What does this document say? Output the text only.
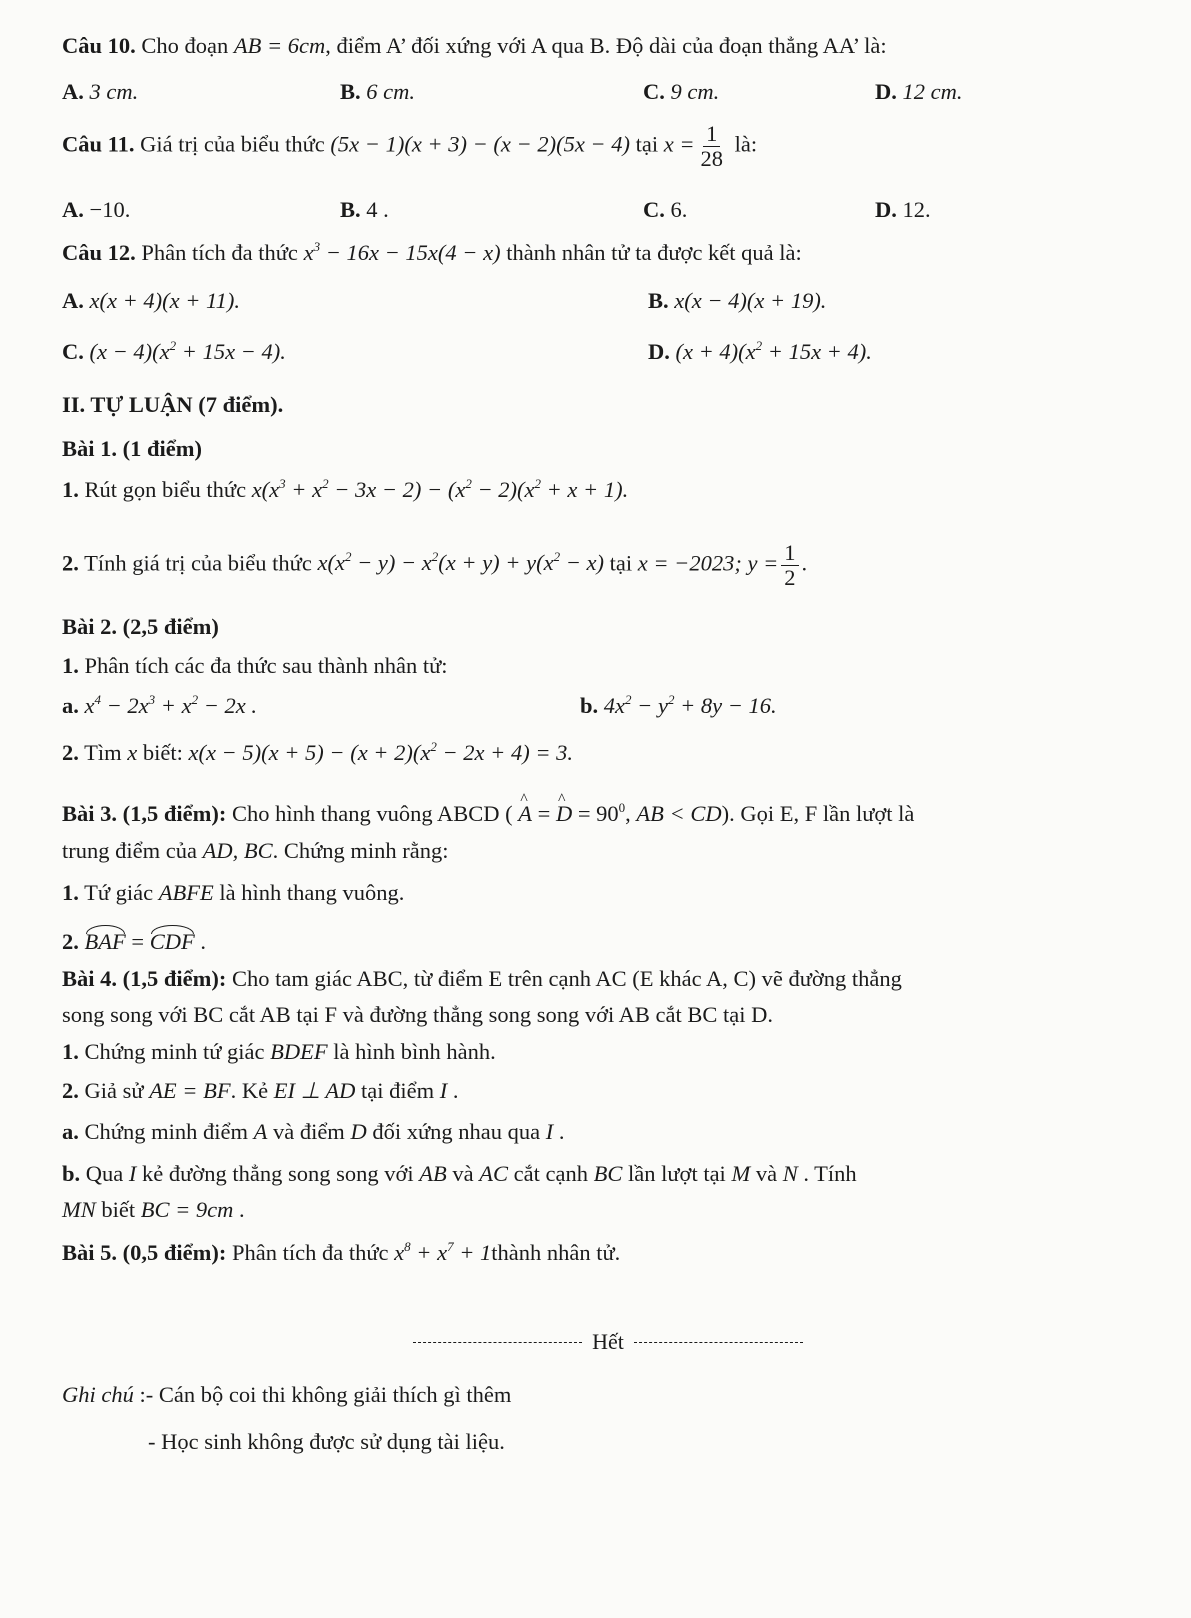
Câu 10. Cho đoạn AB = 6cm, điểm A’ đối xứng với A qua B. Độ dài của đoạn thẳng AA’ là:
A. 3 cm.	B. 6 cm.	C. 9 cm.	D. 12 cm.
Câu 11. Giá trị của biểu thức (5x − 1)(x + 3) − (x − 2)(5x − 4) tại $x = \frac{1}{28}$ là:
A. −10.	B. 4 .	C. 6.	D. 12.
Câu 12. Phân tích đa thức $x^3 - 16x - 15x(4 - x)$ thành nhân tử ta được kết quả là:
A. x(x + 4)(x + 11).	B. x(x − 4)(x + 19).
C. $(x - 4)(x^2 + 15x - 4)$.	D. $(x + 4)(x^2 + 15x + 4)$.
II. TỰ LUẬN (7 điểm).
Bài 1. (1 điểm)
1. Rút gọn biểu thức $x(x^3 + x^2 - 3x - 2) - (x^2 - 2)(x^2 + x + 1)$.
2. Tính giá trị của biểu thức $x(x^2 - y) - x^2(x + y) + y(x^2 - x)$ tại x = −2023; $y = \frac{1}{2}$ .
Bài 2. (2,5 điểm)
1. Phân tích các đa thức sau thành nhân tử:
a. $x^4 - 2x^3 + x^2 - 2x$ .	b. $4x^2 - y^2 + 8y - 16$.
2. Tìm x biết: $x(x - 5)(x + 5) - (x + 2)(x^2 - 2x + 4) = 3$.
Bài 3. (1,5 điểm): Cho hình thang vuông ABCD ( ^ A = ^ $D = 90^0$, AB < CD). Gọi E, F lần lượt là
trung điểm của AD, BC. Chứng minh rằng:
1. Tứ giác ABFE là hình thang vuông.
2. BAF = CDF .
Bài 4. (1,5 điểm): Cho tam giác ABC, từ điểm E trên cạnh AC (E khác A, C) vẽ đường thẳng
song song với BC cắt AB tại F và đường thẳng song song với AB cắt BC tại D.
1. Chứng minh tứ giác BDEF là hình bình hành.
2. Giả sử AE = BF. Kẻ EI ⊥ AD tại điểm I .
a. Chứng minh điểm A và điểm D đối xứng nhau qua I .
b. Qua I kẻ đường thẳng song song với AB và AC cắt cạnh BC lần lượt tại M và N . Tính
MN biết BC = 9cm .
Bài 5. (0,5 điểm): Phân tích đa thức $x^8 + x^7$ + 1thành nhân tử.
Hết
Ghi chú :- Cán bộ coi thi không giải thích gì thêm
- Học sinh không được sử dụng tài liệu.
